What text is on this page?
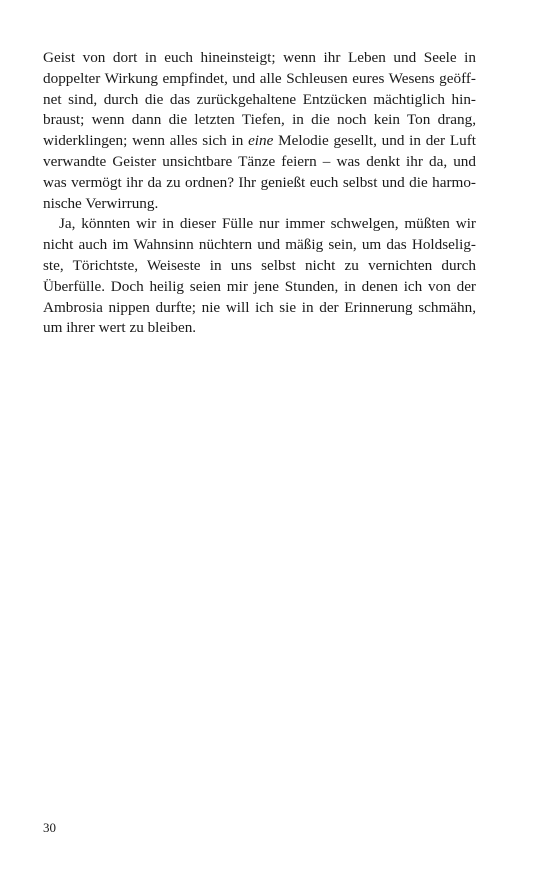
Geist von dort in euch hineinsteigt; wenn ihr Leben und Seele in
doppelter Wirkung empfindet, und alle Schleusen eures Wesens geöff-
net sind, durch die das zurückgehaltene Entzücken mächtiglich hin-
braust; wenn dann die letzten Tiefen, in die noch kein Ton drang,
widerklingen; wenn alles sich in eine Melodie gesellt, und in der Luft
verwandte Geister unsichtbare Tänze feiern – was denkt ihr da, und
was vermögt ihr da zu ordnen? Ihr genießt euch selbst und die harmo-
nische Verwirrung.
Ja, könnten wir in dieser Fülle nur immer schwelgen, müßten wir
nicht auch im Wahnsinn nüchtern und mäßig sein, um das Holdselig-
ste, Törichtste, Weiseste in uns selbst nicht zu vernichten durch
Überfülle. Doch heilig seien mir jene Stunden, in denen ich von der
Ambrosia nippen durfte; nie will ich sie in der Erinnerung schmähn,
um ihrer wert zu bleiben.
30
